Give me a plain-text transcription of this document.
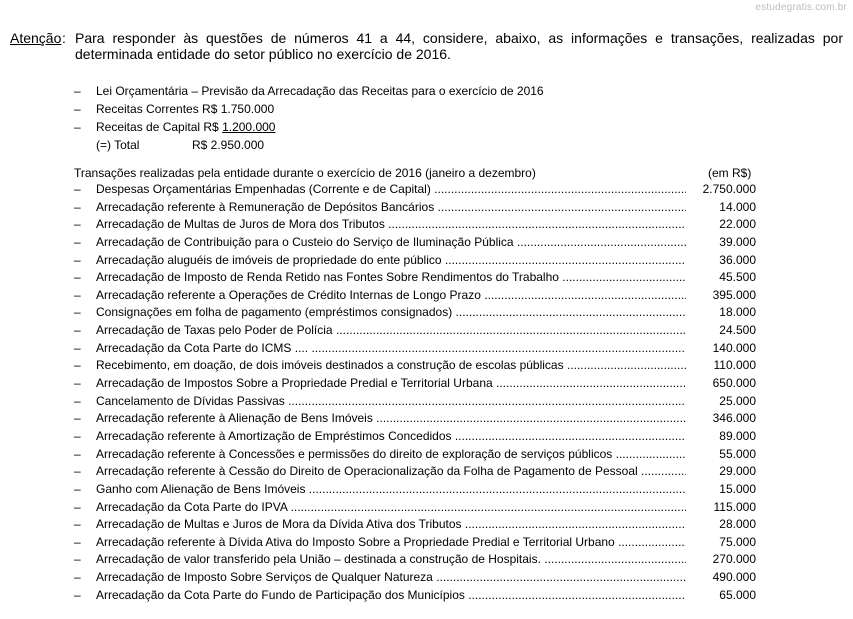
estudegratis.com.br
Atenção : Para responder às questões de números 41 a 44, considere, abaixo, as informações e transações, realizadas por determinada entidade do setor público no exercício de 2016.
– Lei Orçamentária – Previsão da Arrecadação das Receitas para o exercício de 2016
– Receitas Correntes R$ 1.750.000
– Receitas de Capital R$ 1.200.000
(=) Total	R$ 2.950.000
Transações realizadas pela entidade durante o exercício de 2016 (janeiro a dezembro)	(em R$)
– Despesas Orçamentárias Empenhadas (Corrente e de Capital) .....	2.750.000
– Arrecadação referente à Remuneração de Depósitos Bancários .....	14.000
– Arrecadação de Multas de Juros de Mora dos Tributos .....	22.000
– Arrecadação de Contribuição para o Custeio do Serviço de Iluminação Pública .....	39.000
– Arrecadação aluguéis de imóveis de propriedade do ente público .....	36.000
– Arrecadação de Imposto de Renda Retido nas Fontes Sobre Rendimentos do Trabalho .....	45.500
– Arrecadação referente a Operações de Crédito Internas de Longo Prazo .....	395.000
– Consignações em folha de pagamento (empréstimos consignados) .....	18.000
– Arrecadação de Taxas pelo Poder de Polícia .....	24.500
– Arrecadação da Cota Parte do ICMS .... .....	140.000
– Recebimento, em doação, de dois imóveis destinados a construção de escolas públicas .....	110.000
– Arrecadação de Impostos Sobre a Propriedade Predial e Territorial Urbana .....	650.000
– Cancelamento de Dívidas Passivas .....	25.000
– Arrecadação referente à Alienação de Bens Imóveis .....	346.000
– Arrecadação referente à Amortização de Empréstimos Concedidos .....	89.000
– Arrecadação referente à Concessões e permissões do direito de exploração de serviços públicos .....	55.000
– Arrecadação referente à Cessão do Direito de Operacionalização da Folha de Pagamento de Pessoal .....	29.000
– Ganho com Alienação de Bens Imóveis .....	15.000
– Arrecadação da Cota Parte do IPVA .....	115.000
– Arrecadação de Multas e Juros de Mora da Dívida Ativa dos Tributos .....	28.000
– Arrecadação referente à Dívida Ativa do Imposto Sobre a Propriedade Predial e Territorial Urbano .....	75.000
– Arrecadação de valor transferido pela União – destinada a construção de Hospitais. .....	270.000
– Arrecadação de Imposto Sobre Serviços de Qualquer Natureza .....	490.000
– Arrecadação da Cota Parte do Fundo de Participação dos Municípios .....	65.000
